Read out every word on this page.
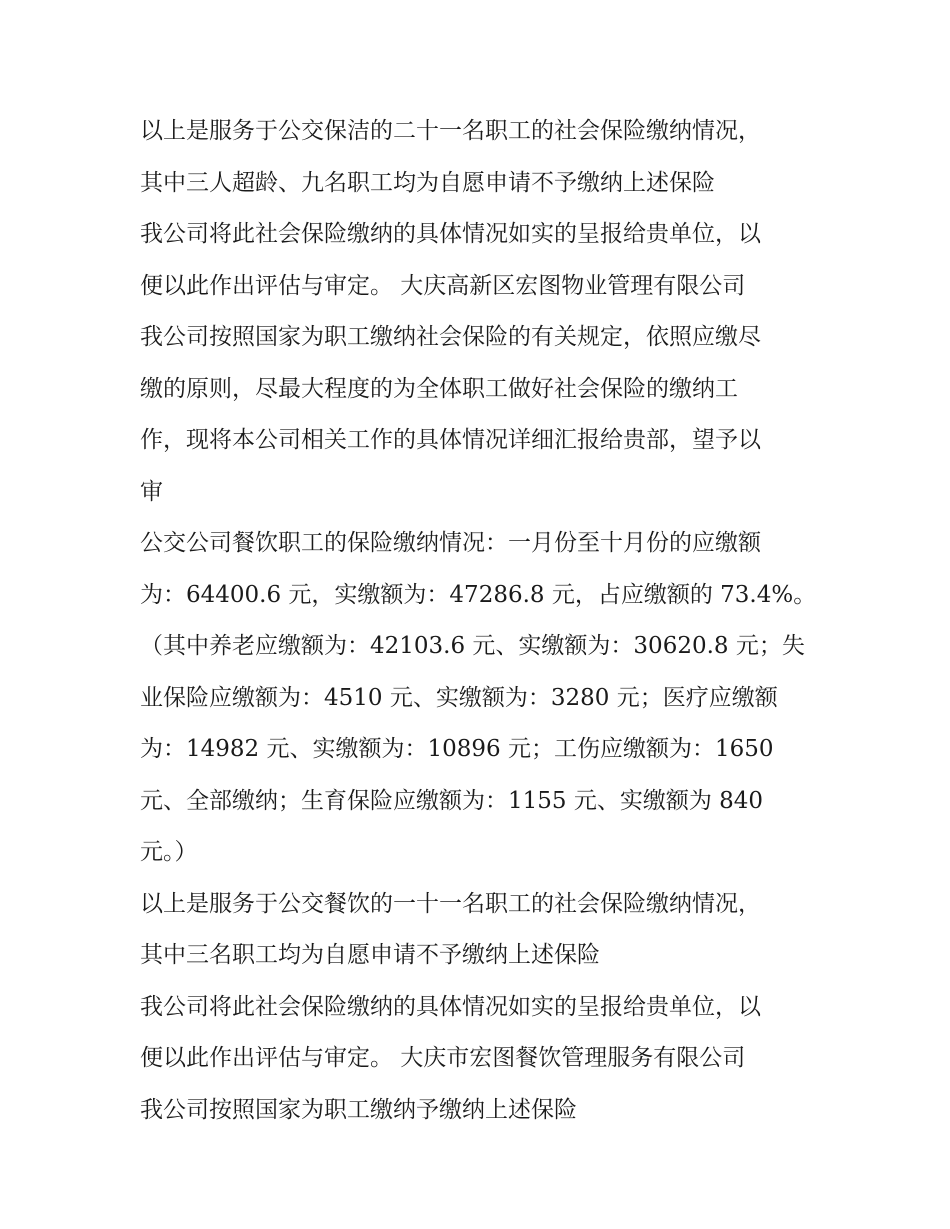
以上是服务于公交保洁的二十一名职工的社会保险缴纳情况，
其中三人超龄、九名职工均为自愿申请不予缴纳上述保险
我公司将此社会保险缴纳的具体情况如实的呈报给贵单位，以
便以此作出评估与审定。 大庆高新区宏图物业管理有限公司
我公司按照国家为职工缴纳社会保险的有关规定，依照应缴尽
缴的原则，尽最大程度的为全体职工做好社会保险的缴纳工
作，现将本公司相关工作的具体情况详细汇报给贵部，望予以
审
公交公司餐饮职工的保险缴纳情况：一月份至十月份的应缴额
为：64400.6 元，实缴额为：47286.8 元，占应缴额的 73.4%。
（其中养老应缴额为：42103.6 元、实缴额为：30620.8 元；失
业保险应缴额为：4510 元、实缴额为：3280 元；医疗应缴额
为：14982 元、实缴额为：10896 元；工伤应缴额为：1650
元、全部缴纳；生育保险应缴额为：1155 元、实缴额为 840
元。）
以上是服务于公交餐饮的一十一名职工的社会保险缴纳情况，
其中三名职工均为自愿申请不予缴纳上述保险
我公司将此社会保险缴纳的具体情况如实的呈报给贵单位，以
便以此作出评估与审定。 大庆市宏图餐饮管理服务有限公司
我公司按照国家为职工缴纳予缴纳上述保险
